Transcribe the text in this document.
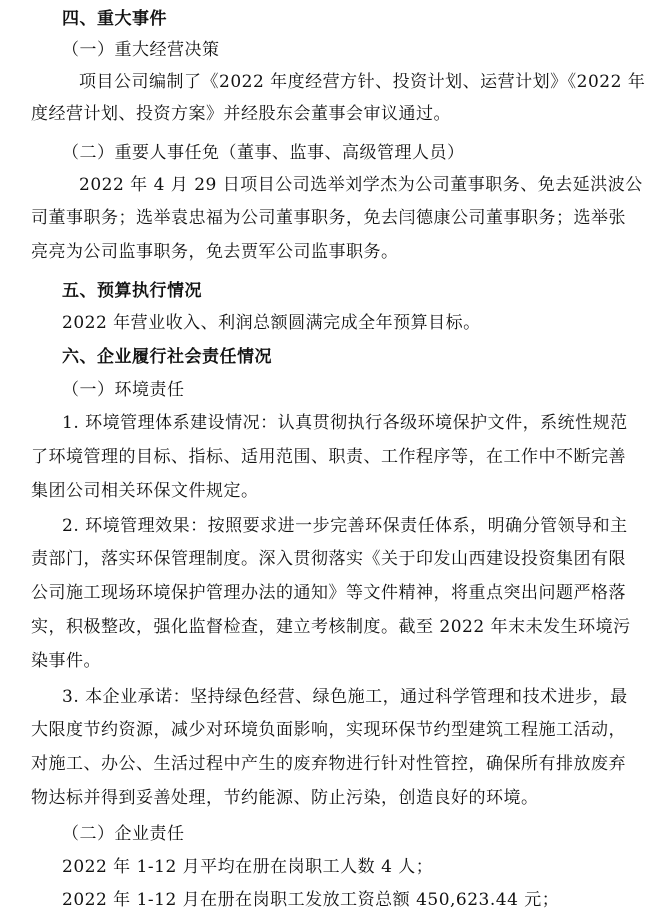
四、重大事件
（一）重大经营决策
项目公司编制了《2022 年度经营方针、投资计划、运营计划》《2022 年
度经营计划、投资方案》并经股东会董事会审议通过。
（二）重要人事任免（董事、监事、高级管理人员）
2022 年 4 月 29 日项目公司选举刘学杰为公司董事职务、免去延洪波公
司董事职务；选举袁忠福为公司董事职务，免去闫德康公司董事职务；选举张
亮亮为公司监事职务，免去贾军公司监事职务。
五、预算执行情况
2022 年营业收入、利润总额圆满完成全年预算目标。
六、企业履行社会责任情况
（一）环境责任
1. 环境管理体系建设情况：认真贯彻执行各级环境保护文件，系统性规范
了环境管理的目标、指标、适用范围、职责、工作程序等，在工作中不断完善
集团公司相关环保文件规定。
2. 环境管理效果：按照要求进一步完善环保责任体系，明确分管领导和主
责部门，落实环保管理制度。深入贯彻落实《关于印发山西建设投资集团有限
公司施工现场环境保护管理办法的通知》等文件精神，将重点突出问题严格落
实，积极整改，强化监督检查，建立考核制度。截至 2022 年末未发生环境污
染事件。
3. 本企业承诺：坚持绿色经营、绿色施工，通过科学管理和技术进步，最
大限度节约资源，减少对环境负面影响，实现环保节约型建筑工程施工活动，
对施工、办公、生活过程中产生的废弃物进行针对性管控，确保所有排放废弃
物达标并得到妥善处理，节约能源、防止污染，创造良好的环境。
（二）企业责任
2022 年 1-12 月平均在册在岗职工人数 4 人；
2022 年 1-12 月在册在岗职工发放工资总额 450,623.44 元；
